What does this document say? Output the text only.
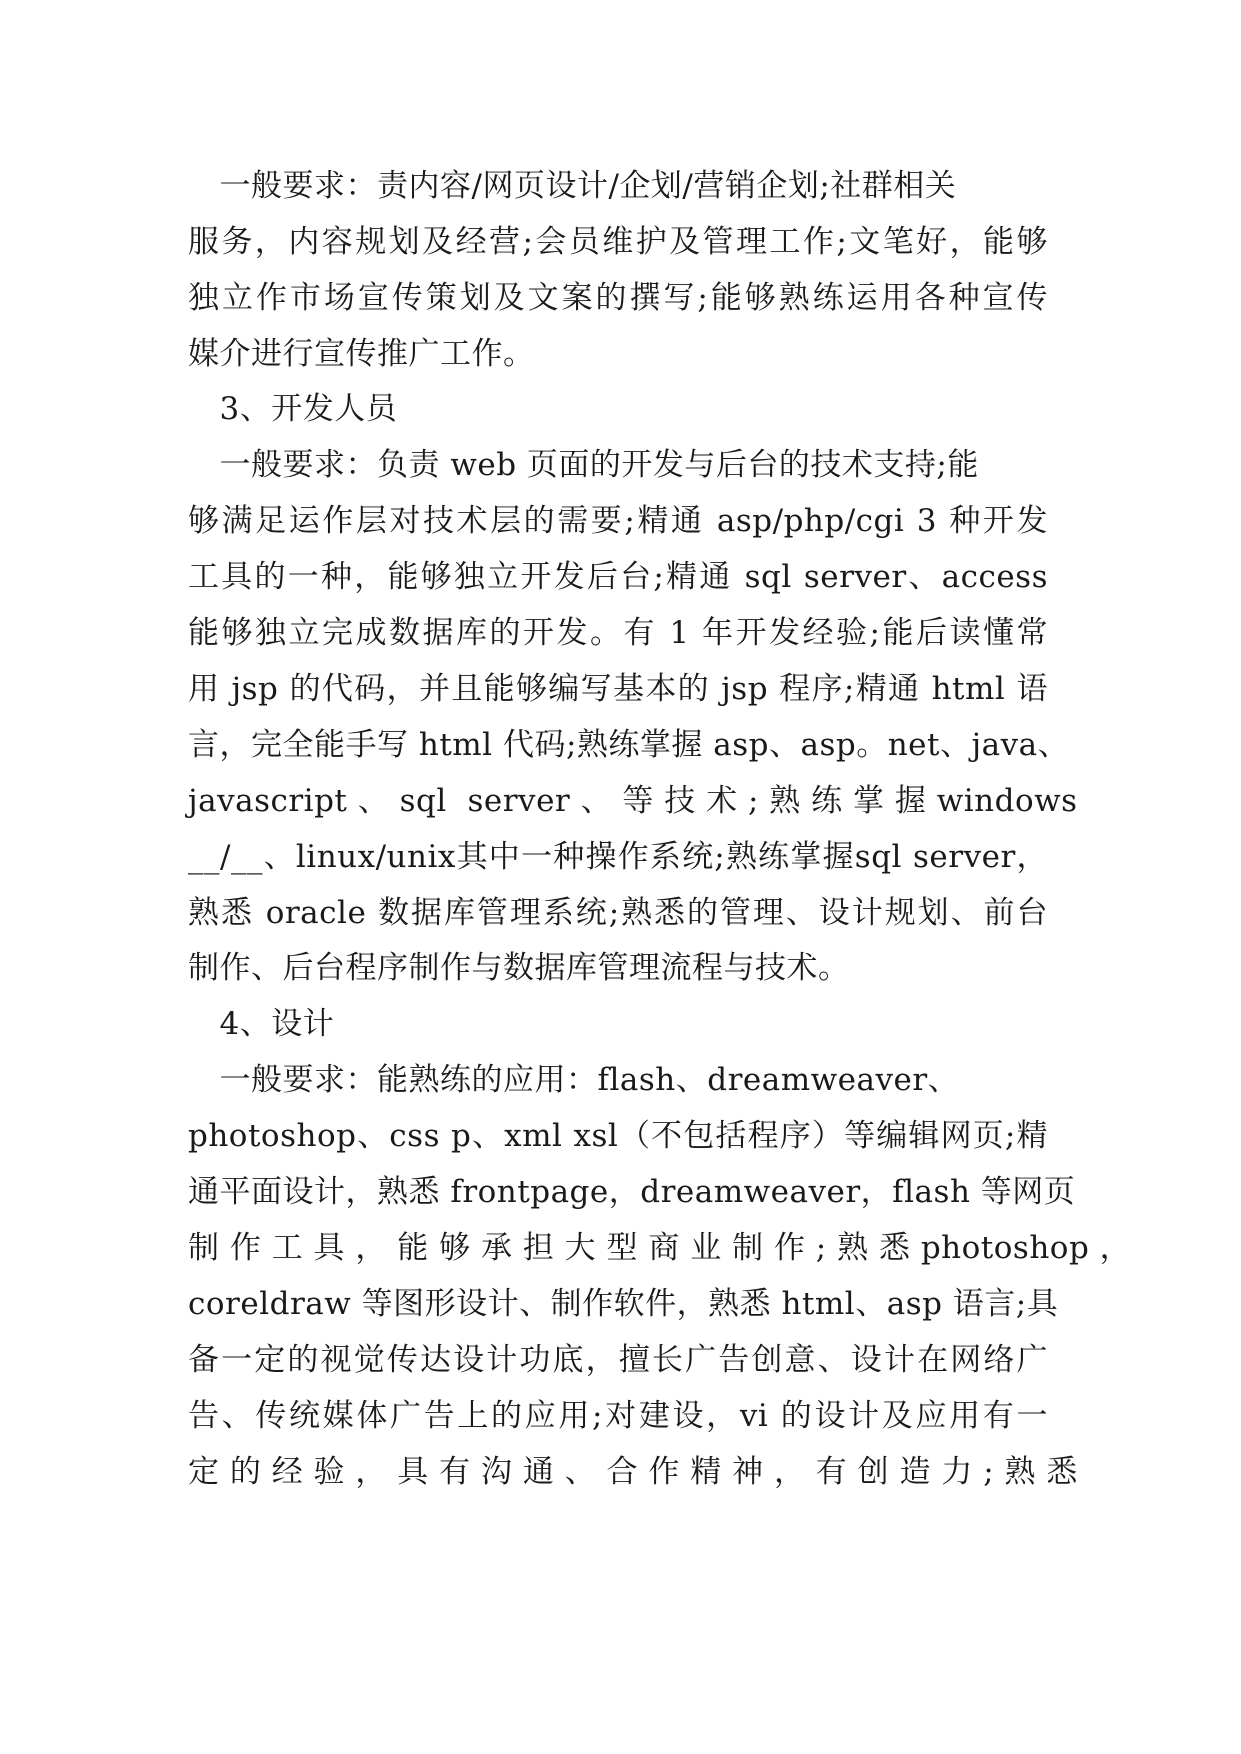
　一般要求：责内容/网页设计/企划/营销企划;社群相关
服务，内容规划及经营;会员维护及管理工作;文笔好，能够
独立作市场宣传策划及文案的撰写;能够熟练运用各种宣传
媒介进行宣传推广工作。
　3、开发人员
　一般要求：负责 web 页面的开发与后台的技术支持;能
够满足运作层对技术层的需要;精通 asp/php/cgi 3 种开发
工具的一种，能够独立开发后台;精通 sql server、access
能够独立完成数据库的开发。有 1 年开发经验;能后读懂常
用 jsp 的代码，并且能够编写基本的 jsp 程序;精通 html 语
言，完全能手写 html 代码;熟练掌握 asp、asp。net、java、
javascript 、 sql  server 、 等 技 术 ; 熟 练 掌 握 windows
__/__、linux/unix其中一种操作系统;熟练掌握sql server，
熟悉 oracle 数据库管理系统;熟悉的管理、设计规划、前台
制作、后台程序制作与数据库管理流程与技术。
　4、设计
　一般要求：能熟练的应用：flash、dreamweaver、
photoshop、css p、xml xsl（不包括程序）等编辑网页;精
通平面设计，熟悉 frontpage，dreamweaver，flash 等网页
制 作 工 具 ， 能 够 承 担 大 型 商 业 制 作 ; 熟 悉 photoshop ，
coreldraw 等图形设计、制作软件，熟悉 html、asp 语言;具
备一定的视觉传达设计功底，擅长广告创意、设计在网络广
告、传统媒体广告上的应用;对建设，vi 的设计及应用有一
定 的 经 验 ， 具 有 沟 通 、 合 作 精 神 ， 有 创 造 力 ; 熟 悉
